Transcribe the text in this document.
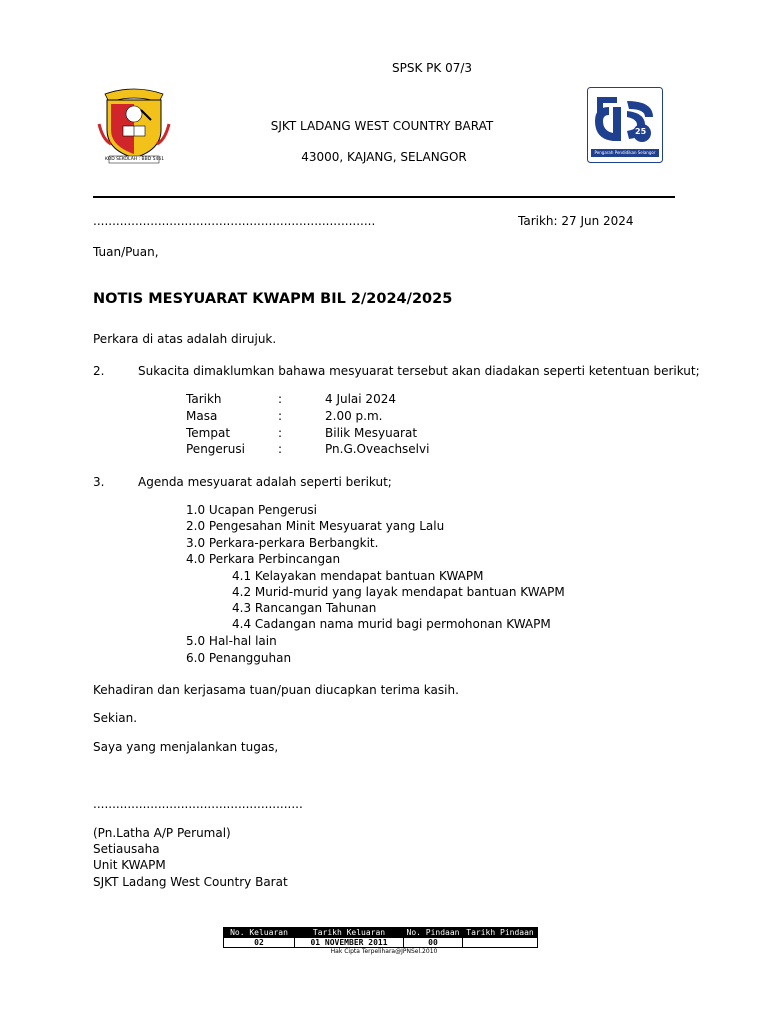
SPSK PK 07/3
KOD SEKOLAH : BBD 5461
SJKT LADANG WEST COUNTRY BARAT
43000, KAJANG, SELANGOR
25
Pengarah Pendidikan Selangor
..........................................................................	Tarikh: 27 Jun 2024
Tuan/Puan,
NOTIS MESYUARAT KWAPM BIL 2/2024/2025
Perkara di atas adalah dirujuk.
2.	Sukacita dimaklumkan bahawa mesyuarat tersebut akan diadakan seperti ketentuan berikut;
Tarikh	:	4 Julai 2024
Masa	:	2.00 p.m.
Tempat	:	Bilik Mesyuarat
Pengerusi	:	Pn.G.Oveachselvi
3.	Agenda mesyuarat adalah seperti berikut;
1.0 Ucapan Pengerusi
2.0 Pengesahan Minit Mesyuarat yang Lalu
3.0 Perkara-perkara Berbangkit.
4.0 Perkara Perbincangan
4.1 Kelayakan mendapat bantuan KWAPM
4.2 Murid-murid yang layak mendapat bantuan KWAPM
4.3 Rancangan Tahunan
4.4 Cadangan nama murid bagi permohonan KWAPM
5.0 Hal-hal lain
6.0 Penangguhan
Kehadiran dan kerjasama tuan/puan diucapkan terima kasih.
Sekian.
Saya yang menjalankan tugas,
.......................................................
(Pn.Latha A/P Perumal)
Setiausaha
Unit KWAPM
SJKT Ladang West Country Barat
No. Keluaran	Tarikh Keluaran	No. Pindaan	Tarikh Pindaan
02	01 NOVEMBER 2011	00	
Hak Cipta Terpelihara@JPNSel.2010
